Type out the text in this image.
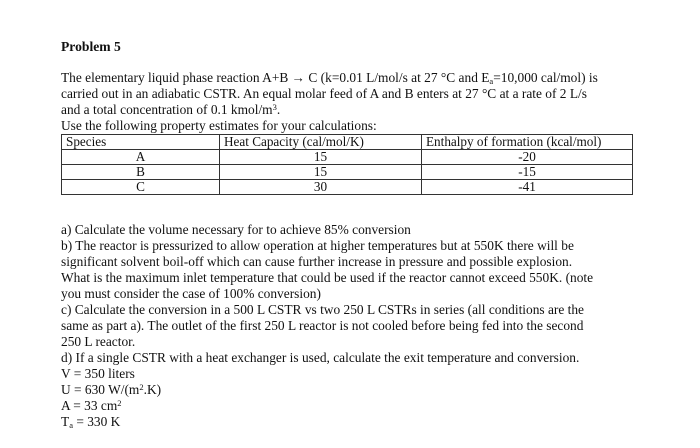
Problem 5
The elementary liquid phase reaction A+B → C (k=0.01 L/mol/s at 27 °C and $E_a=10,000$ cal/mol) is
carried out in an adiabatic CSTR. An equal molar feed of A and B enters at 27 °C at a rate of 2 L/s
and a total concentration of 0.1 kmol/$m^3$.
Use the following property estimates for your calculations:
Species	Heat Capacity (cal/mol/K)	Enthalpy of formation (kcal/mol)
A	15	-20
B	15	-15
C	30	-41
a) Calculate the volume necessary for to achieve 85% conversion
b) The reactor is pressurized to allow operation at higher temperatures but at 550K there will be
significant solvent boil-off which can cause further increase in pressure and possible explosion.
What is the maximum inlet temperature that could be used if the reactor cannot exceed 550K. (note
you must consider the case of 100% conversion)
c) Calculate the conversion in a 500 L CSTR vs two 250 L CSTRs in series (all conditions are the
same as part a). The outlet of the first 250 L reactor is not cooled before being fed into the second
250 L reactor.
d) If a single CSTR with a heat exchanger is used, calculate the exit temperature and conversion.
V = 350 liters
U = 630 $W/(m^2.K)$
A = 33 $cm^2$
$T_a = 330$ K
